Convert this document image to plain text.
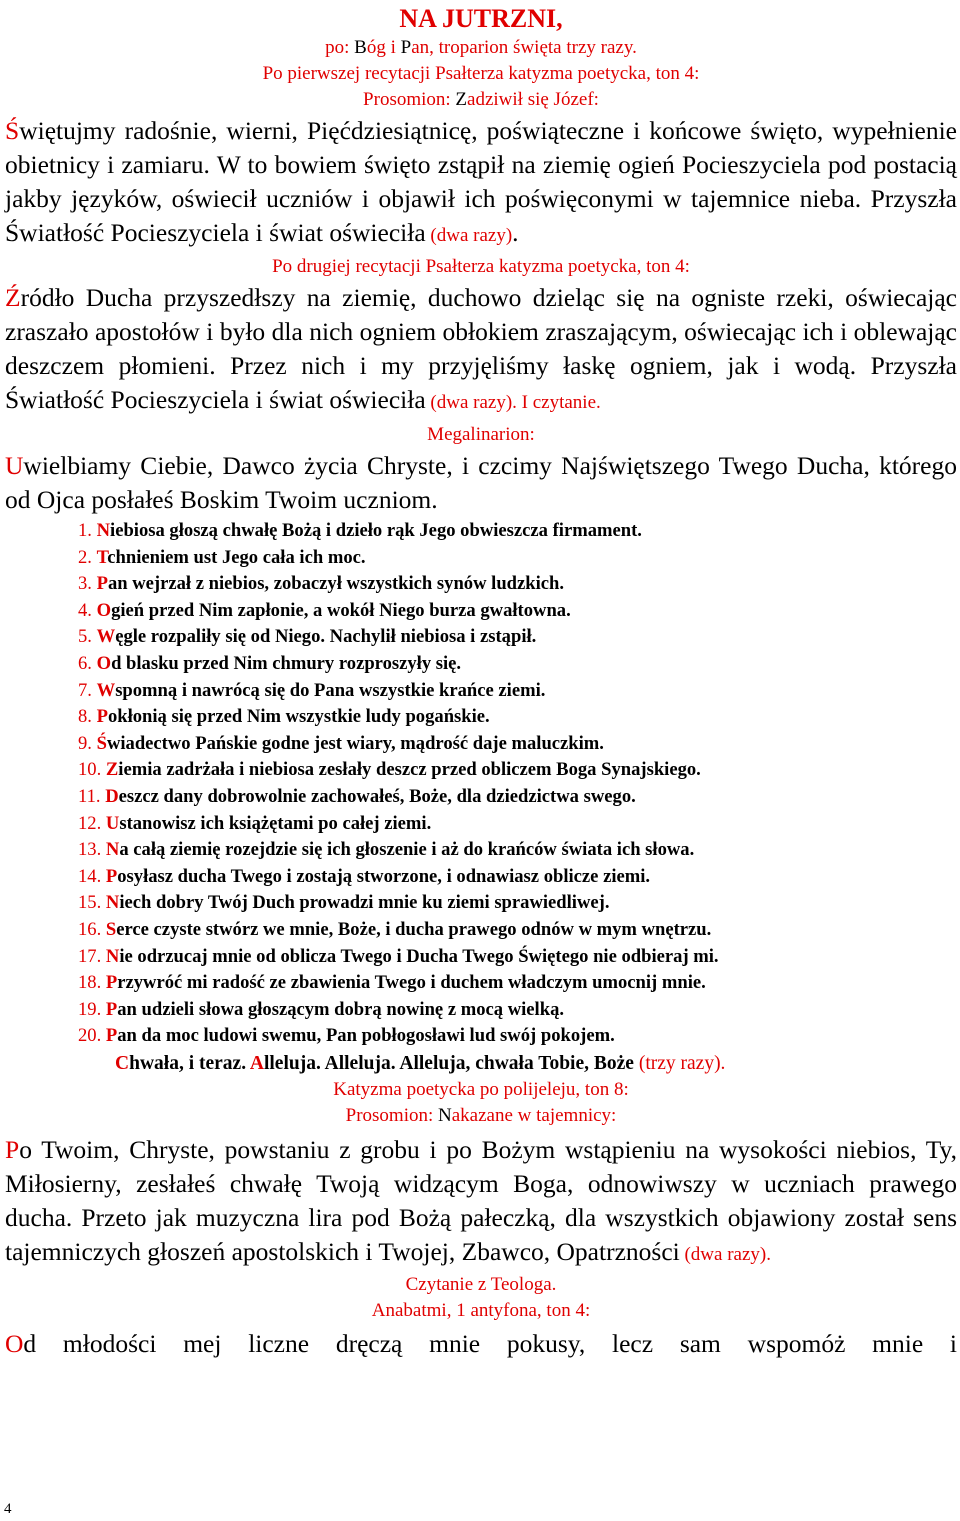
NA JUTRZNI,
po: Bóg i Pan, troparion święta trzy razy.
Po pierwszej recytacji Psałterza katyzma poetycka, ton 4:
Prosomion: Zadziwił się Józef:
Świętujmy radośnie, wierni, Pięćdziesiątnicę, poświąteczne i końcowe święto, wypełnienie obietnicy i zamiaru. W to bowiem święto zstąpił na ziemię ogień Pocieszyciela pod postacią jakby języków, oświecił uczniów i objawił ich poświęconymi w tajemnice nieba. Przyszła Światłość Pocieszyciela i świat oświeciła (dwa razy).
Po drugiej recytacji Psałterza katyzma poetycka, ton 4:
Źródło Ducha przyszedłszy na ziemię, duchowo dzieląc się na ogniste rzeki, oświecając zraszało apostołów i było dla nich ogniem obłokiem zraszającym, oświecając ich i oblewając deszczem płomieni. Przez nich i my przyjęliśmy łaskę ogniem, jak i wodą. Przyszła Światłość Pocieszyciela i świat oświeciła (dwa razy). I czytanie.
Megalinarion:
Uwielbiamy Ciebie, Dawco życia Chryste, i czcimy Najświętszego Twego Ducha, którego od Ojca posłałeś Boskim Twoim uczniom.
1. Niebiosa głoszą chwałę Bożą i dzieło rąk Jego obwieszcza firmament.
2. Tchnieniem ust Jego cała ich moc.
3. Pan wejrzał z niebios, zobaczył wszystkich synów ludzkich.
4. Ogień przed Nim zapłonie, a wokół Niego burza gwałtowna.
5. Węgle rozpaliły się od Niego. Nachylił niebiosa i zstąpił.
6. Od blasku przed Nim chmury rozproszyły się.
7. Wspomną i nawrócą się do Pana wszystkie krańce ziemi.
8. Pokłonią się przed Nim wszystkie ludy pogańskie.
9. Świadectwo Pańskie godne jest wiary, mądrość daje maluczkim.
10. Ziemia zadrżała i niebiosa zesłały deszcz przed obliczem Boga Synajskiego.
11. Deszcz dany dobrowolnie zachowałeś, Boże, dla dziedzictwa swego.
12. Ustanowisz ich książętami po całej ziemi.
13. Na całą ziemię rozejdzie się ich głoszenie i aż do krańców świata ich słowa.
14. Posyłasz ducha Twego i zostają stworzone, i odnawiasz oblicze ziemi.
15. Niech dobry Twój Duch prowadzi mnie ku ziemi sprawiedliwej.
16. Serce czyste stwórz we mnie, Boże, i ducha prawego odnów w mym wnętrzu.
17. Nie odrzucaj mnie od oblicza Twego i Ducha Twego Świętego nie odbieraj mi.
18. Przywróć mi radość ze zbawienia Twego i duchem władczym umocnij mnie.
19. Pan udzieli słowa głoszącym dobrą nowinę z mocą wielką.
20. Pan da moc ludowi swemu, Pan pobłogosławi lud swój pokojem.
Chwała, i teraz. Alleluja. Alleluja. Alleluja, chwała Tobie, Boże (trzy razy).
Katyzma poetycka po polijeleju, ton 8:
Prosomion: Nakazane w tajemnicy:
Po Twoim, Chryste, powstaniu z grobu i po Bożym wstąpieniu na wysokości niebios, Ty, Miłosierny, zesłałeś chwałę Twoją widzącym Boga, odnowiwszy w uczniach prawego ducha. Przeto jak muzyczna lira pod Bożą pałeczką, dla wszystkich objawiony został sens tajemniczych głoszeń apostolskich i Twojej, Zbawco, Opatrzności (dwa razy).
Czytanie z Teologa.
Anabatmi, 1 antyfona, ton 4:
Od młodości mej liczne dręczą mnie pokusy, lecz sam wspomóż mnie i
4
